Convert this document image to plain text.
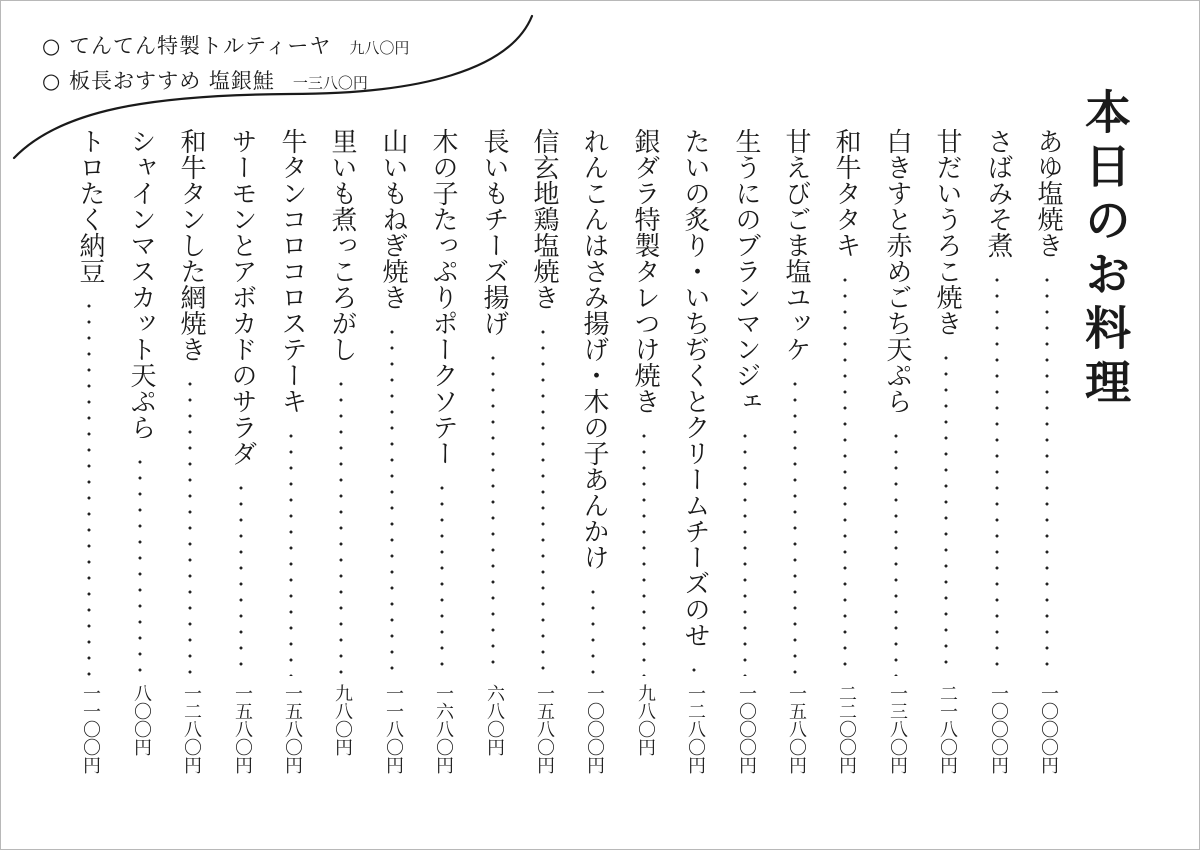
○ てんてん特製トルティーヤ 九八〇円
○ 板長おすすめ 塩銀鮭 一三八〇円
本日のお料理
あゆ塩焼き
一〇〇〇円
さばみそ煮
一〇〇〇円
甘だいうろこ焼き
二一八〇円
白きすと赤めごち天ぷら
一三八〇円
和牛タタキ
二二〇〇円
甘えびごま塩ユッケ
一五八〇円
生うにのブランマンジェ
一〇〇〇円
たいの炙り・いちぢくとクリームチーズのせ
一二八〇円
銀ダラ特製タレつけ焼き
九八〇円
れんこんはさみ揚げ・木の子あんかけ
一〇〇〇円
信玄地鶏塩焼き
一五八〇円
長いもチーズ揚げ
六八〇円
木の子たっぷりポークソテー
一六八〇円
山いもねぎ焼き
一一八〇円
里いも煮っころがし
九八〇円
牛タンコロコロステーキ
一五八〇円
サーモンとアボカドのサラダ
一五八〇円
和牛タンした網焼き
一二八〇円
シャインマスカット天ぷら
八〇〇円
トロたく納豆
一一〇〇円
